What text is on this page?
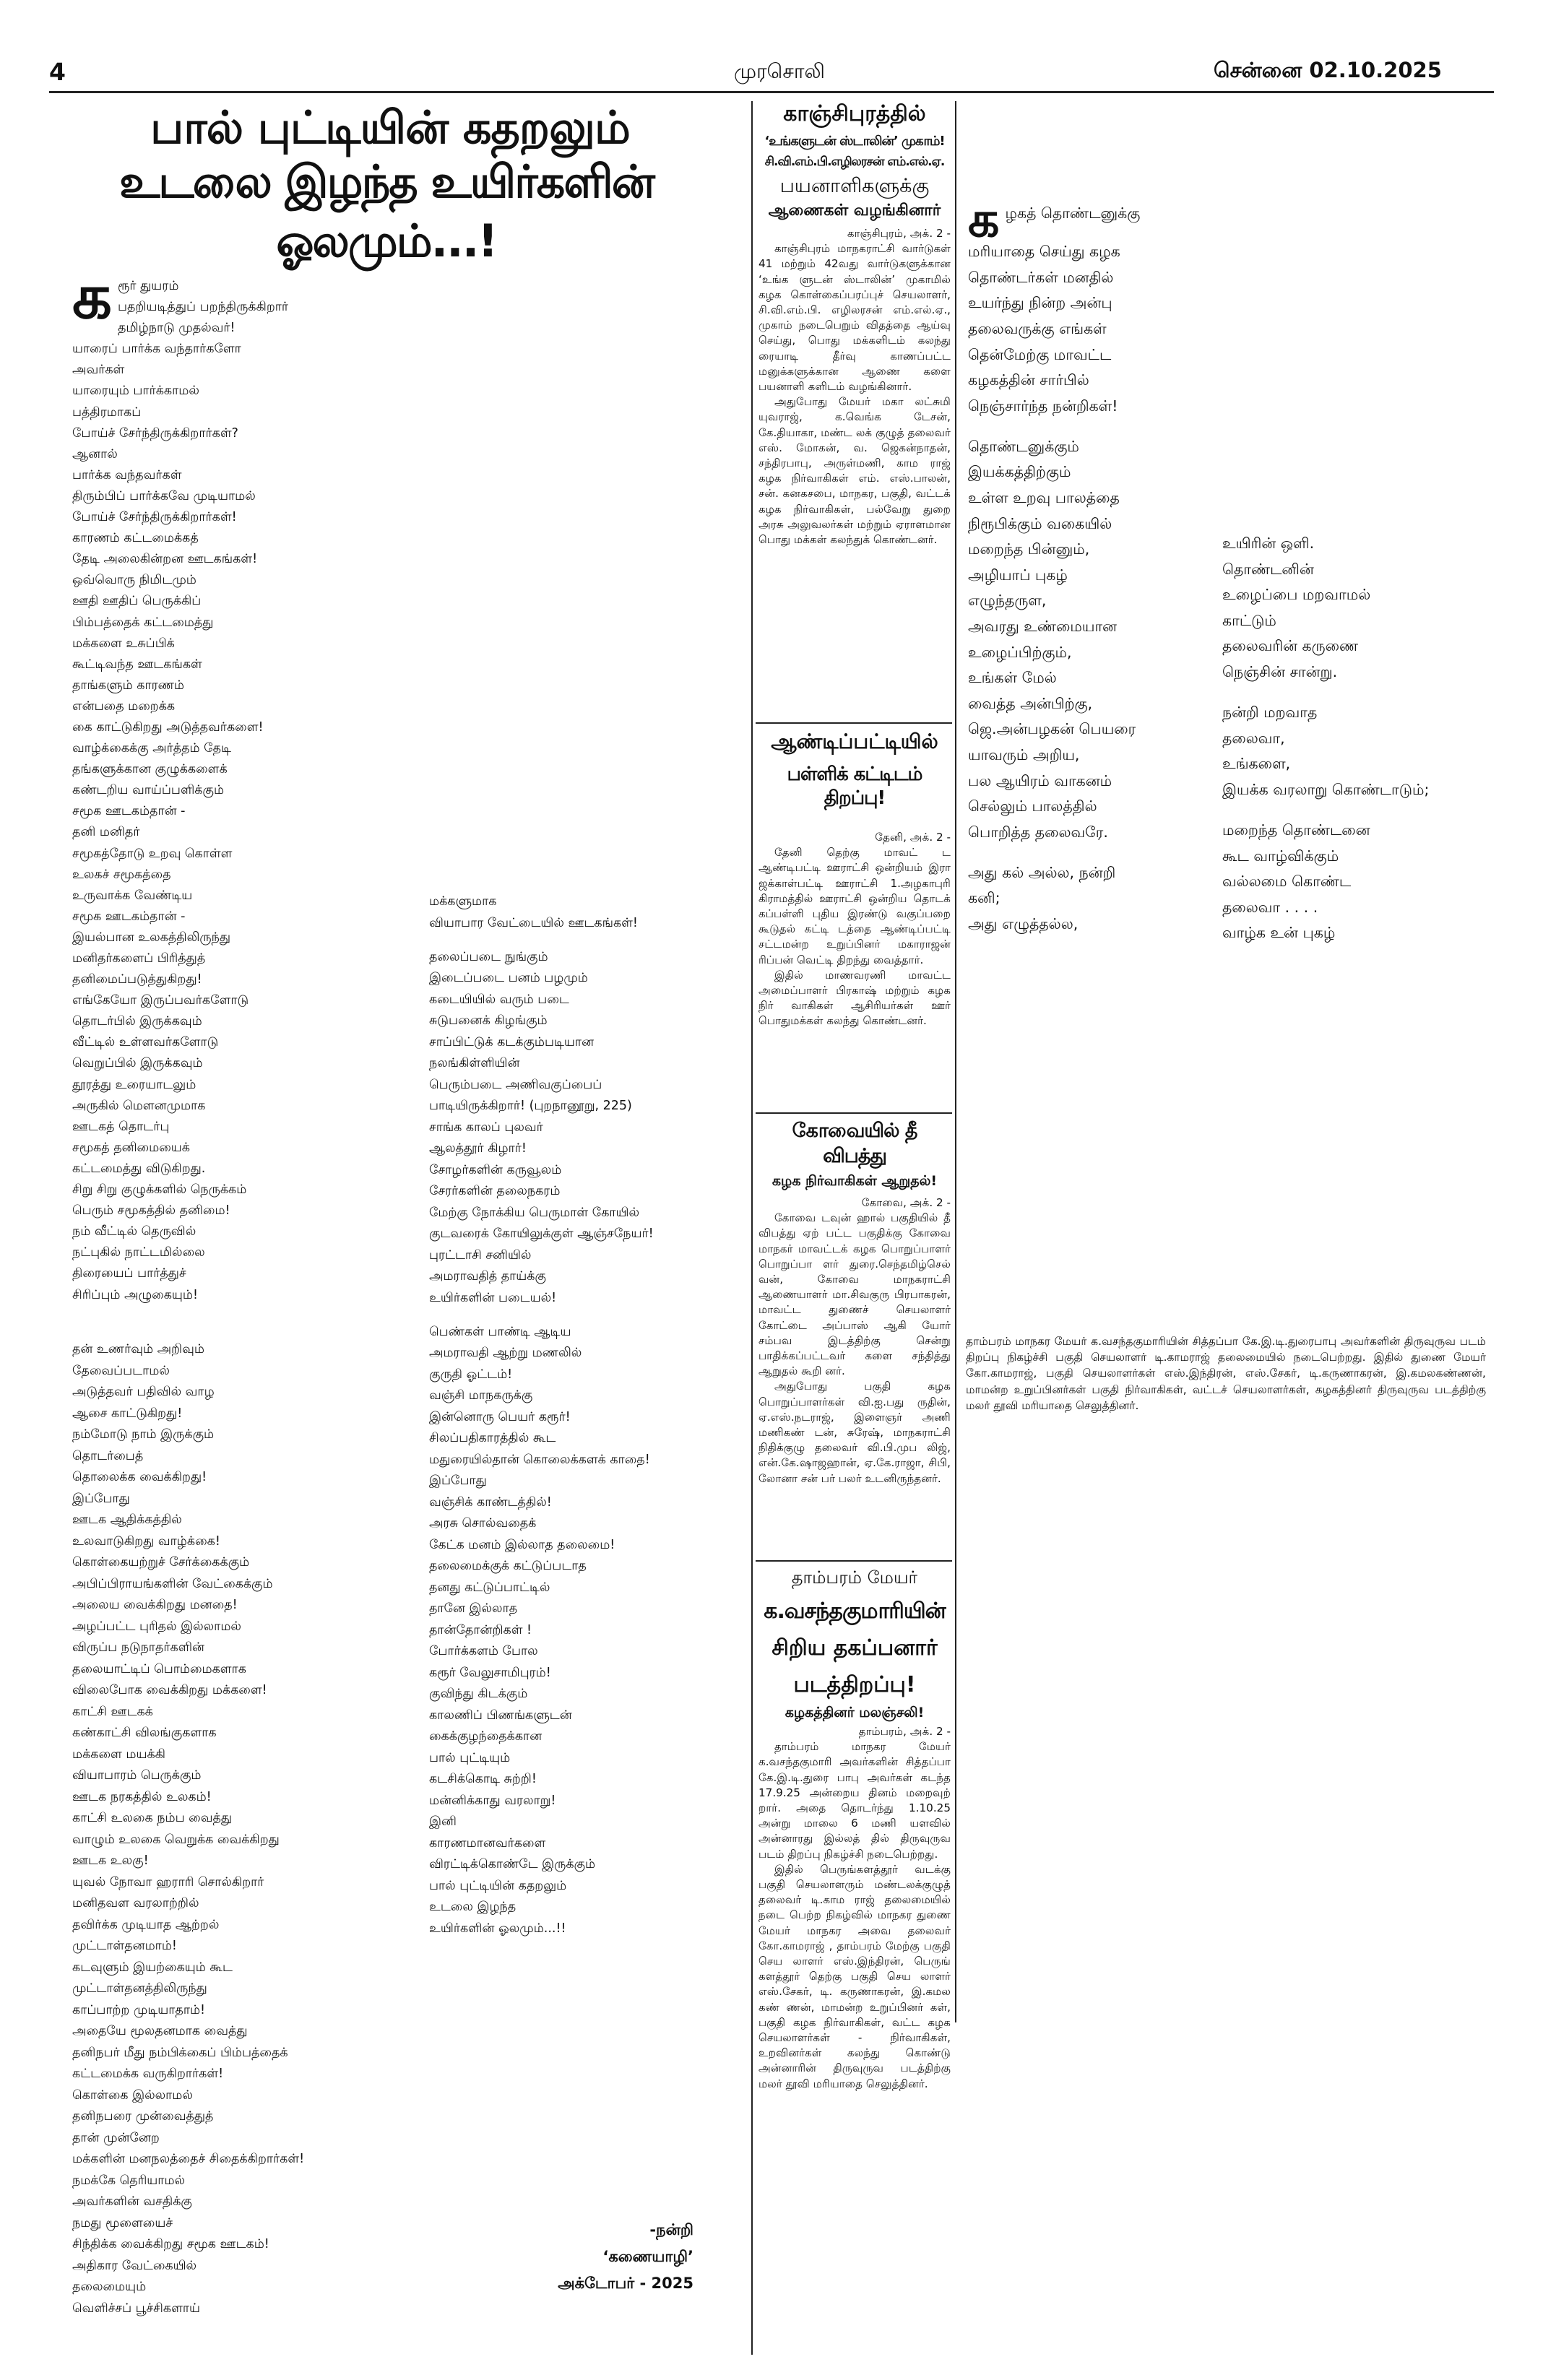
4	முரசொலி	சென்னை 02.10.2025
பால் புட்டியின் கதறலும்
உடலை இழந்த உயிர்களின் ஓலமும்...!
க ரூர் துயரம்
பதறியடித்துப் பறந்திருக்கிறார்
தமிழ்நாடு முதல்வர்!
யாரைப் பார்க்க வந்தார்களோ
அவர்கள்
யாரையும் பார்க்காமல்
பத்திரமாகப்
போய்ச் சேர்ந்திருக்கிறார்கள்?
ஆனால்
பார்க்க வந்தவர்கள்
திரும்பிப் பார்க்கவே முடியாமல்
போய்ச் சேர்ந்திருக்கிறார்கள்!
காரணம் கட்டமைக்கத்
தேடி அலைகின்றன ஊடகங்கள்!
ஒவ்வொரு நிமிடமும்
ஊதி ஊதிப் பெருக்கிப்
பிம்பத்தைக் கட்டமைத்து
மக்களை உசுப்பிக்
கூட்டிவந்த ஊடகங்கள்
தாங்களும் காரணம்
என்பதை மறைக்க
கை காட்டுகிறது அடுத்தவர்களை!
வாழ்க்கைக்கு அர்த்தம் தேடி
தங்களுக்கான குழுக்களைக்
கண்டறிய வாய்ப்பளிக்கும்
சமூக ஊடகம்தான் -
தனி மனிதர்
சமூகத்தோடு உறவு கொள்ள
உலகச் சமூகத்தை
உருவாக்க வேண்டிய
சமூக ஊடகம்தான் -
இயல்பான உலகத்திலிருந்து
மனிதர்களைப் பிரித்துத்
தனிமைப்படுத்துகிறது!
எங்கேயோ இருப்பவர்களோடு
தொடர்பில் இருக்கவும்
வீட்டில் உள்ளவர்களோடு
வெறுப்பில் இருக்கவும்
தூரத்து உரையாடலும்
அருகில் மௌனமுமாக
ஊடகத் தொடர்பு
சமூகத் தனிமையைக்
கட்டமைத்து விடுகிறது.
சிறு சிறு குழுக்களில் நெருக்கம்
பெரும் சமூகத்தில் தனிமை!
நம் வீட்டில் தெருவில்
நட்புகில் நாட்டமில்லை
திரையைப் பார்த்துச்
சிரிப்பும் அழுகையும்!
தன் உணர்வும் அறிவும்
தேவைப்படாமல்
அடுத்தவர் பதிவில் வாழ
ஆசை காட்டுகிறது!
நம்மோடு நாம் இருக்கும்
தொடர்பைத்
தொலைக்க வைக்கிறது!
இப்போது
ஊடக ஆதிக்கத்தில்
உலவாடுகிறது வாழ்க்கை!
கொள்கையற்றுச் சேர்க்கைக்கும்
அபிப்பிராயங்களின் வேட்கைக்கும்
அலைய வைக்கிறது மனதை!
அழப்பட்ட புரிதல் இல்லாமல்
விருப்ப நடுநாதர்களின்
தலையாட்டிப் பொம்மைகளாக
விலைபோக வைக்கிறது மக்களை!
காட்சி ஊடகக்
கண்காட்சி விலங்குகளாக
மக்களை மயக்கி
வியாபாரம் பெருக்கும்
ஊடக நரகத்தில் உலகம்!
காட்சி உலகை நம்ப வைத்து
வாழும் உலகை வெறுக்க வைக்கிறது
ஊடக உலகு!
யுவல் நோவா ஹராரி சொல்கிறார்
மனிதவள வரலாற்றில்
தவிர்க்க முடியாத ஆற்றல்
முட்டாள்தனமாம்!
கடவுளும் இயற்கையும் கூட
முட்டாள்தனத்திலிருந்து
காப்பாற்ற முடியாதாம்!
அதையே மூலதனமாக வைத்து
தனிநபர் மீது நம்பிக்கைப் பிம்பத்தைக்
கட்டமைக்க வருகிறார்கள்!
கொள்கை இல்லாமல்
தனிநபரை முன்வைத்துத்
தான் முன்னேற
மக்களின் மனநலத்தைச் சிதைக்கிறார்கள்!
நமக்கே தெரியாமல்
அவர்களின் வசதிக்கு
நமது மூளையைச்
சிந்திக்க வைக்கிறது சமூக ஊடகம்!
அதிகார வேட்கையில்
தலைமையும்
வெளிச்சப் பூச்சிகளாய்
மக்களுமாக
வியாபார வேட்டையில் ஊடகங்கள்!
தலைப்படை நுங்கும்
இடைப்படை பனம் பழமும்
கடையியில் வரும் படை
சுடுபனைக் கிழங்கும்
சாப்பிட்டுக் கடக்கும்படியான
நலங்கிள்ளியின்
பெரும்படை அணிவகுப்பைப்
பாடியிருக்கிறார்! (புறநானூறு, 225)
சாங்க காலப் புலவர்
ஆலத்தூர் கிழார்!
சோழர்களின் கருவூலம்
சேரர்களின் தலைநகரம்
மேற்கு நோக்கிய பெருமாள் கோயில்
குடவரைக் கோயிலுக்குள் ஆஞ்சநேயர்!
புரட்டாசி சனியில்
அமராவதித் தாய்க்கு
உயிர்களின் படையல்!
பெண்கள் பாண்டி ஆடிய
அமராவதி ஆற்று மணலில்
குருதி ஓட்டம்!
வஞ்சி மாநகருக்கு
இன்னொரு பெயர் கரூர்!
சிலப்பதிகாரத்தில் கூட
மதுரையில்தான் கொலைக்களக் காதை!
இப்போது
வஞ்சிக் காண்டத்தில்!
அரசு சொல்வதைக்
கேட்க மனம் இல்லாத தலைமை!
தலைமைக்குக் கட்டுப்படாத
தனது கட்டுப்பாட்டில்
தானே இல்லாத
தான்தோன்றிகள் !
போர்க்களம் போல
கரூர் வேலுசாமிபுரம்!
குவிந்து கிடக்கும்
காலணிப் பிணங்களுடன்
கைக்குழந்தைக்கான
பால் புட்டியும்
கடசிக்கொடி சுற்றி!
மன்னிக்காது வரலாறு!
இனி
காரணமானவர்களை
விரட்டிக்கொண்டே இருக்கும்
பால் புட்டியின் கதறலும்
உடலை இழந்த
உயிர்களின் ஓலமும்...!!
-நன்றி
‘கணையாழி’
அக்டோபர் - 2025
காஞ்சிபுரத்தில்
‘உங்களுடன் ஸ்டாலின்’ முகாம்!
சி.வி.எம்.பி.எழிலரசன் எம்.எல்.ஏ.
பயனாளிகளுக்கு
ஆணைகள் வழங்கினார்

காஞ்சிபுரம், அக். 2 -

காஞ்சிபுரம் மாநகராட்சி வார்டுகள் 41 மற்றும் 42வது வார்டுகளுக்கான ‘உங்க ளுடன் ஸ்டாலின்’ முகாமில் கழக கொள்கைப்பரப்புச் செயலாளர், சி.வி.எம்.பி. எழிலரசன் எம்.எல்.ஏ., முகாம் நடைபெறும் விதத்தை ஆய்வு செய்து, பொது மக்களிடம் கலந்து ரையாடி தீர்வு காணப்பட்ட மனுக்களுக்கான ஆணை களை பயனாளி களிடம் வழங்கினார்.

அதுபோது மேயர் மகா லட்சுமி யுவராஜ், க.வெங்க டேசன், கே.தியாகா, மண்ட லக் குழுத் தலைவர் எஸ். மோகன், வ. ஜெகன்நாதன், சந்திரபாபு, அருள்மணி, காம ராஜ் கழக நிர்வாகிகள் எம். எஸ்.பாலன், சன். கனகசபை, மாநகர, பகுதி, வட்டக் கழக நிர்வாகிகள், பல்வேறு துறை அரசு அலுவலர்கள் மற்றும் ஏராளமான பொது மக்கள் கலந்துக் கொண்டனர்.

ஆண்டிப்பட்டியில்
பள்ளிக் கட்டிடம் திறப்பு!

தேனி, அக். 2 -

தேனி தெற்கு மாவட் ட ஆண்டிபட்டி ஊராட்சி ஒன்றியம் இரா ஜக்காள்பட்டி ஊராட்சி 1.அழகாபுரி கிராமத்தில் ஊராட்சி ஒன்றிய தொடக் கப்பள்ளி புதிய இரண்டு வகுப்பறை கூடுதல் கட்டி டத்தை ஆண்டிப்பட்டி சட்டமன்ற உறுப்பினர் மகாராஜன் ரிப்பன் வெட்டி திறந்து வைத்தார்.

இதில் மாணவரணி மாவட்ட அமைப்பாளர் பிரகாஷ் மற்றும் கழக நிர் வாகிகள் ஆசிரியர்கள் ஊர் பொதுமக்கள் கலந்து கொண்டனர்.

கோவையில் தீ விபத்து
கழக நிர்வாகிகள் ஆறுதல்!

கோவை, அக். 2 -

கோவை டவுன் ஹால் பகுதியில் தீ விபத்து ஏற் பட்ட பகுதிக்கு கோவை மாநகர் மாவட்டக் கழக பொறுப்பாளர் பொறுப்பா ளர் துரை.செந்தமிழ்செல் வன், கோவை மாநகராட்சி ஆணையாளர் மா.சிவகுரு பிரபாகரன், மாவட்ட துணைச் செயலாளர் கோட்டை அப்பாஸ் ஆகி யோர் சம்பவ இடத்திற்கு சென்று பாதிக்கப்பட்டவர் களை சந்தித்து ஆறுதல் கூறி னர்.

அதுபோது பகுதி கழக பொறுப்பாளர்கள் வி.ஐ.பது ருதின், ஏ.எஸ்.நடராஜ், இளைஞர் அணி மணிகண் டன், சுரேஷ், மாநகராட்சி நிதிக்குழு தலைவர் வி.பி.முப லிஜ், என்.கே.ஷாஜஹான், ஏ.கே.ராஜா, சிபி, லோனா சன் பர் பலர் உடனிருந்தனர்.

தாம்பரம் மேயர்
க.வசந்தகுமாரியின்
சிறிய தகப்பனார்
படத்திறப்பு!
கழகத்தினர் மலஞ்சலி!

தாம்பரம், அக். 2 -

தாம்பரம் மாநகர மேயர் க.வசந்தகுமாரி அவர்களின் சித்தப்பா கே.இ.டி.துரை பாபு அவர்கள் கடந்த 17.9.25 அன்றைய தினம் மறைவுற் றார். அதை தொடர்ந்து 1.10.25 அன்று மாலை 6 மணி யளவில் அன்னாரது இல்லத் தில் திருவுருவ படம் திறப்பு நிகழ்ச்சி நடைபெற்றது.

இதில் பெருங்களத்தூர் வடக்கு பகுதி செயலாளரும் மண்டலக்குழுத் தலைவர் டி.காம ராஜ் தலைமையில் நடை பெற்ற நிகழ்வில் மாநகர துணை மேயர் மாநகர அவை தலைவர் கோ.காமராஜ் , தாம்பரம் மேற்கு பகுதி செய லாளர் எஸ்.இந்திரன், பெருங் களத்தூர் தெற்கு பகுதி செய லாளர் எஸ்.சேகர், டி. கருணாகரன், இ.கமல கண் ணன், மாமன்ற உறுப்பினர் கள், பகுதி கழக நிர்வாகிகள், வட்ட கழக செயலாளர்கள் - நிர்வாகிகள், உறவினர்கள் கலந்து கொண்டு அன்னாரின் திருவுருவ படத்திற்கு மலர் தூவி மரியாதை செலுத்தினர்.

க ழகத் தொண்டனுக்கு
மரியாதை செய்து கழக
தொண்டர்கள் மனதில்
உயர்ந்து நின்ற அன்பு
தலைவருக்கு எங்கள்
தென்மேற்கு மாவட்ட
கழகத்தின் சார்பில்
நெஞ்சார்ந்த நன்றிகள்!
தொண்டனுக்கும்
இயக்கத்திற்கும்
உள்ள உறவு பாலத்தை
நிரூபிக்கும் வகையில்
மறைந்த பின்னும்,
அழியாப் புகழ்
எழுந்தருள,
அவரது உண்மையான
உழைப்பிற்கும்,
உங்கள் மேல்
வைத்த அன்பிற்கு,
ஜெ.அன்பழகன் பெயரை
யாவரும் அறிய,
பல ஆயிரம் வாகனம்
செல்லும் பாலத்தில்
பொறித்த தலைவரே.
அது கல் அல்ல, நன்றி
கனி;
அது எழுத்தல்ல,
உயிரின் ஒளி.
தொண்டனின்
உழைப்பை மறவாமல்
காட்டும்
தலைவரின் கருணை
நெஞ்சின் சான்று.
நன்றி மறவாத
தலைவா,
உங்களை,
இயக்க வரலாறு கொண்டாடும்;
மறைந்த தொண்டனை
கூட வாழ்விக்கும்
வல்லமை கொண்ட
தலைவா . . . .
வாழ்க உன் புகழ்
தாம்பரம் மாநகர மேயர் க.வசந்தகுமாரியின் சித்தப்பா கே.இ.டி.துரைபாபு அவர்களின் திருவுருவ படம் திறப்பு நிகழ்ச்சி பகுதி செயலாளர் டி.காமராஜ் தலைமையில் நடைபெற்றது. இதில் துணை மேயர் கோ.காமராஜ், பகுதி செயலாளர்கள் எஸ்.இந்திரன், எஸ்.சேகர், டி.கருணாகரன், இ.கமலகண்ணன், மாமன்ற உறுப்பினர்கள் பகுதி நிர்வாகிகள், வட்டச் செயலாளர்கள், கழகத்தினர் திருவுருவ படத்திற்கு மலர் தூவி மரியாதை செலுத்தினர்.
